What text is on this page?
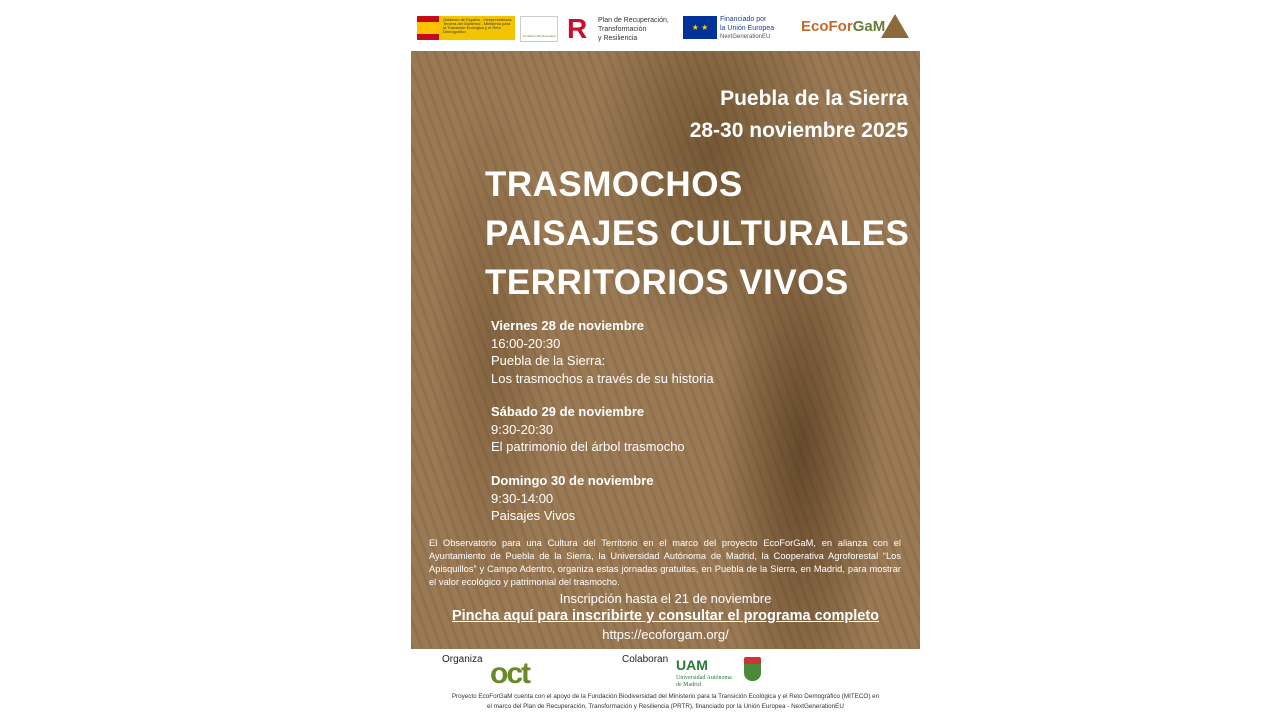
Gobierno de España - Vicepresidencia Tercera del Gobierno - Ministerio para la Transición Ecológica y el Reto Demográfico
Fundación Biodiversidad R	Plan de Recuperación,
Transformación
y Resiliencia
★ ★
Financiado por
la Unión Europea
NextGenerationEU
EcoForGaM
Puebla de la Sierra
28-30 noviembre 2025
TRASMOCHOS
PAISAJES CULTURALES
TERRITORIOS VIVOS
Viernes 28 de noviembre
16:00-20:30
Puebla de la Sierra:
Los trasmochos a través de su historia
Sábado 29 de noviembre
9:30-20:30
El patrimonio del árbol trasmocho
Domingo 30 de noviembre
9:30-14:00
Paisajes Vivos
El Observatorio para una Cultura del Territorio en el marco del proyecto EcoForGaM, en alianza con el Ayuntamiento de Puebla de la Sierra, la Universidad Autónoma de Madrid, la Cooperativa Agroforestal “Los Apisquillos” y Campo Adentro, organiza estas jornadas gratuitas, en Puebla de la Sierra, en Madrid, para mostrar el valor ecológico y patrimonial del trasmocho.
Inscripción hasta el 21 de noviembre
Pincha aquí para inscribirte y consultar el programa completo
https://ecoforgam.org/
Organiza oct	Colaboran UAM
Universidad Autónoma de Madrid
Proyecto EcoForGaM cuenta con el apoyo de la Fundación Biodiversidad del Ministerio para la Transición Ecológica y el Reto Demográfico (MITECO) en
el marco del Plan de Recuperación, Transformación y Resiliencia (PRTR), financiado por la Unión Europea - NextGenerationEU
